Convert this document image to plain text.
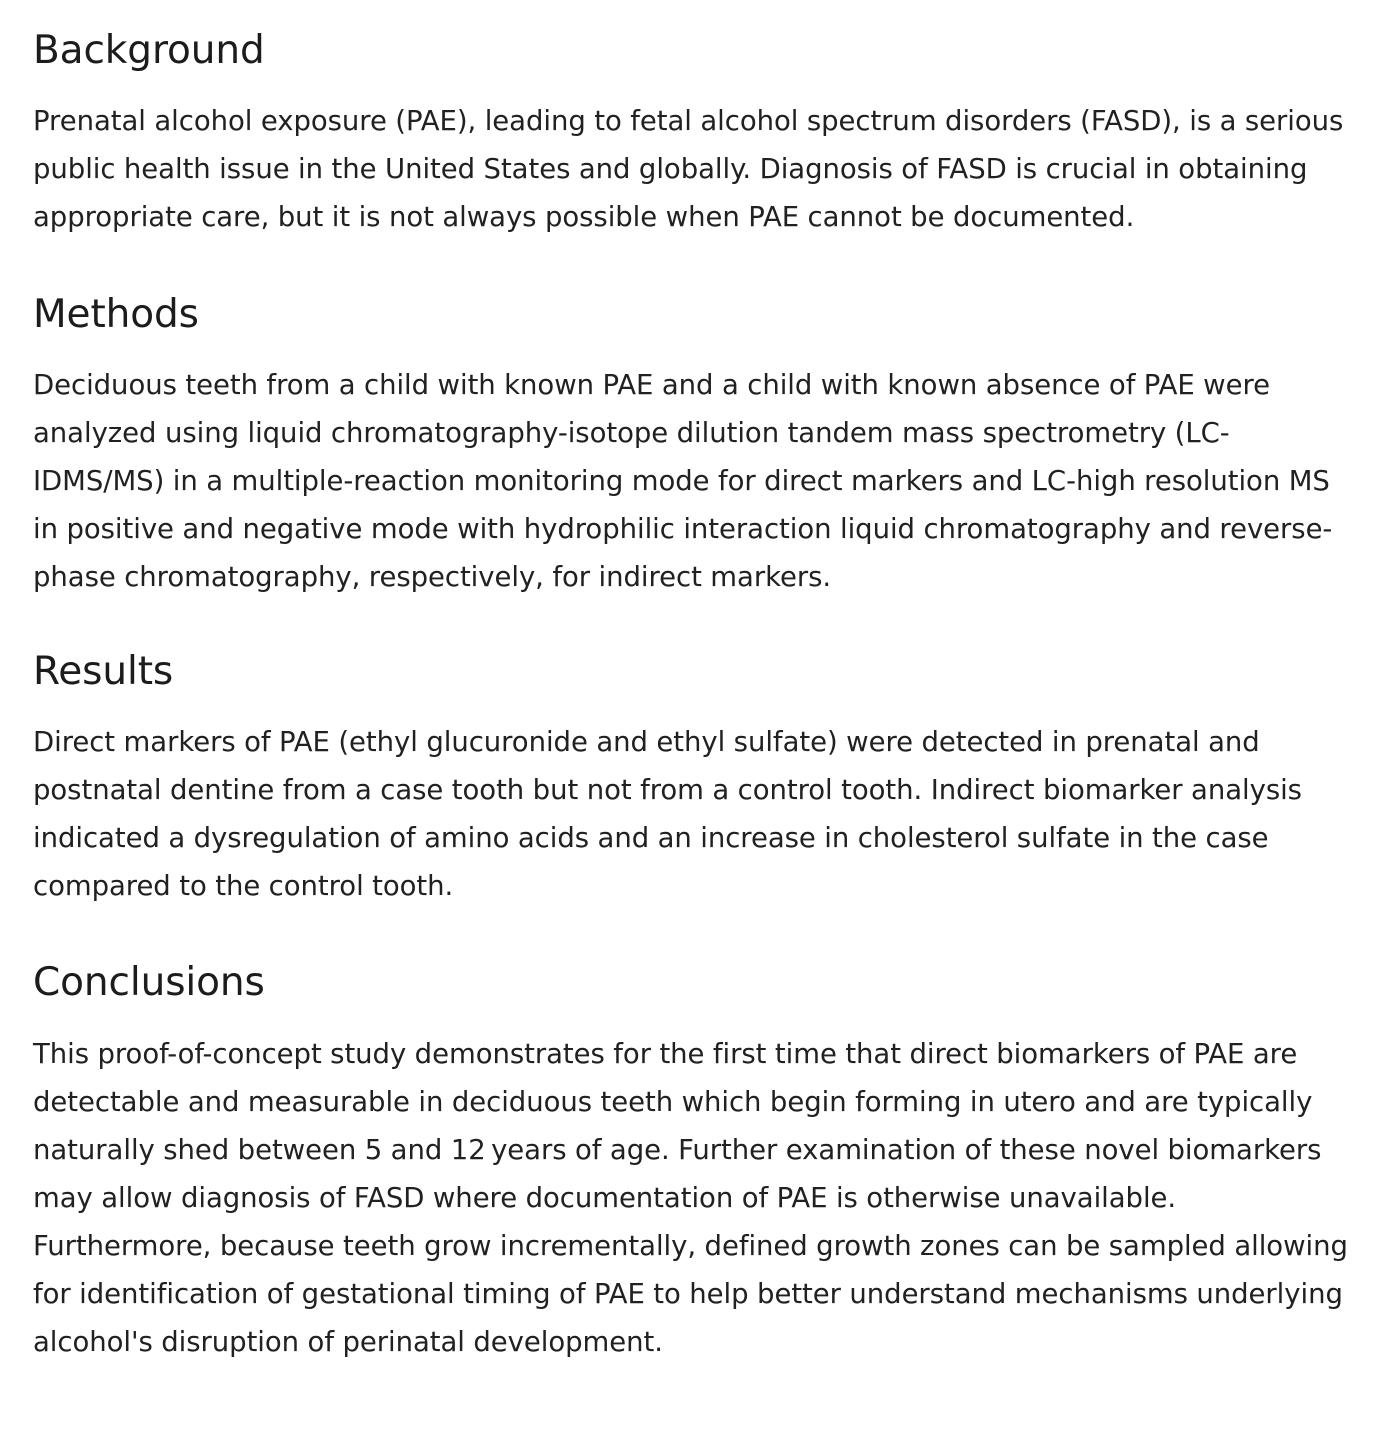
Background

Prenatal alcohol exposure (PAE), leading to fetal alcohol spectrum disorders (FASD), is a serious public health issue in the United States and globally. Diagnosis of FASD is crucial in obtaining appropriate care, but it is not always possible when PAE cannot be documented.

Methods

Deciduous teeth from a child with known PAE and a child with known absence of PAE were analyzed using liquid chromatography-isotope dilution tandem mass spectrometry (LC-IDMS/MS) in a multiple-reaction monitoring mode for direct markers and LC-high resolution MS in positive and negative mode with hydrophilic interaction liquid chromatography and reverse-phase chromatography, respectively, for indirect markers.

Results

Direct markers of PAE (ethyl glucuronide and ethyl sulfate) were detected in prenatal and postnatal dentine from a case tooth but not from a control tooth. Indirect biomarker analysis indicated a dysregulation of amino acids and an increase in cholesterol sulfate in the case compared to the control tooth.

Conclusions

This proof-of-concept study demonstrates for the first time that direct biomarkers of PAE are detectable and measurable in deciduous teeth which begin forming in utero and are typically naturally shed between 5 and 12 years of age. Further examination of these novel biomarkers may allow diagnosis of FASD where documentation of PAE is otherwise unavailable. Furthermore, because teeth grow incrementally, defined growth zones can be sampled allowing for identification of gestational timing of PAE to help better understand mechanisms underlying alcohol's disruption of perinatal development.
